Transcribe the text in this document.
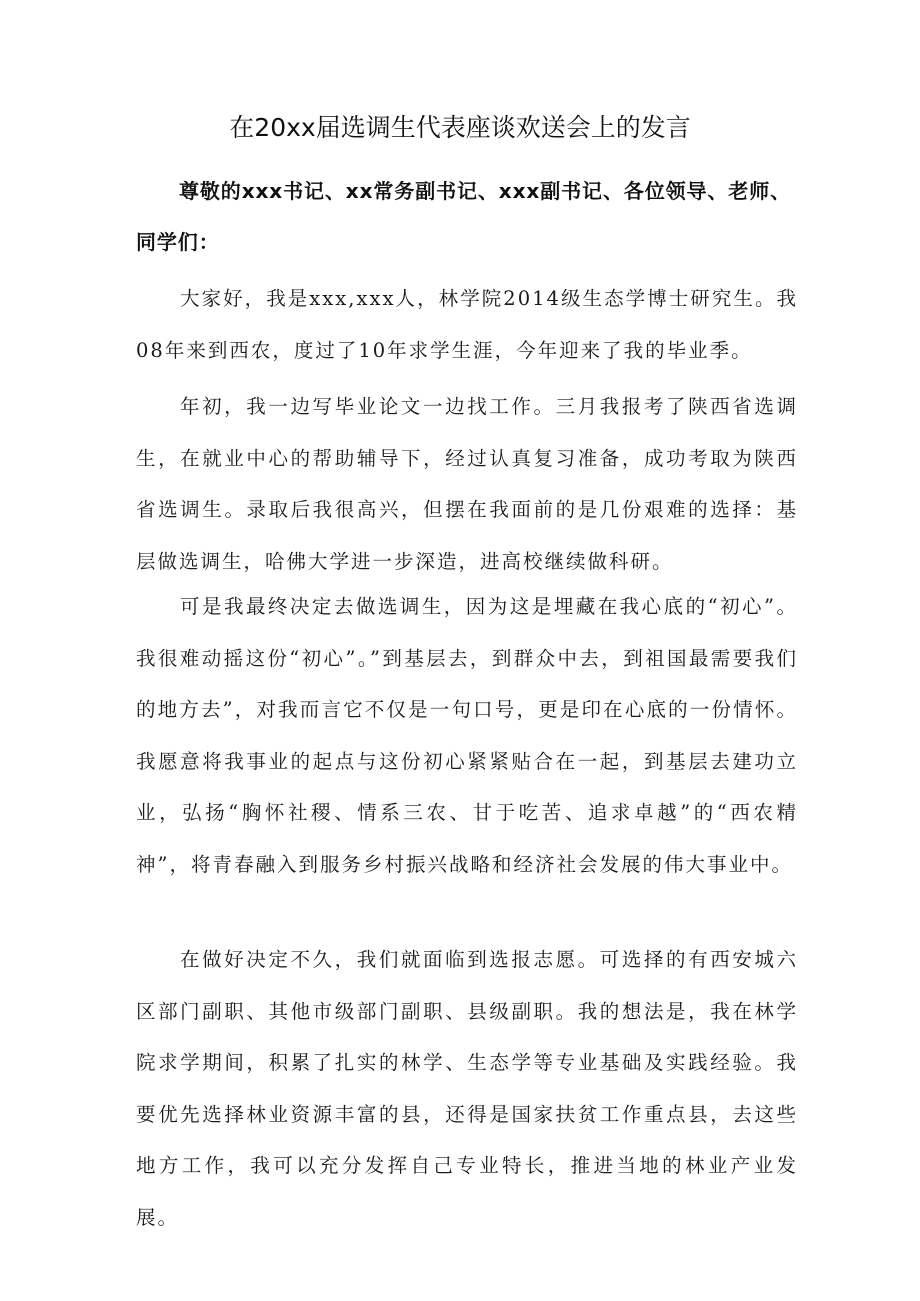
在20xx届选调生代表座谈欢送会上的发言

尊敬的xxx书记、xx常务副书记、xxx副书记、各位领导、老师、同学们：

大家好，我是xxx,xxx人，林学院2014级生态学博士研究生。我08年来到西农，度过了10年求学生涯，今年迎来了我的毕业季。

年初，我一边写毕业论文一边找工作。三月我报考了陕西省选调生，在就业中心的帮助辅导下，经过认真复习准备，成功考取为陕西省选调生。录取后我很高兴，但摆在我面前的是几份艰难的选择：基层做选调生，哈佛大学进一步深造，进高校继续做科研。

可是我最终决定去做选调生，因为这是埋藏在我心底的“初心”。我很难动摇这份“初心”。”到基层去，到群众中去，到祖国最需要我们的地方去”，对我而言它不仅是一句口号，更是印在心底的一份情怀。我愿意将我事业的起点与这份初心紧紧贴合在一起，到基层去建功立业，弘扬“胸怀社稷、情系三农、甘于吃苦、追求卓越”的“西农精神”，将青春融入到服务乡村振兴战略和经济社会发展的伟大事业中。

在做好决定不久，我们就面临到选报志愿。可选择的有西安城六区部门副职、其他市级部门副职、县级副职。我的想法是，我在林学院求学期间，积累了扎实的林学、生态学等专业基础及实践经验。我要优先选择林业资源丰富的县，还得是国家扶贫工作重点县，去这些地方工作，我可以充分发挥自己专业特长，推进当地的林业产业发展。
